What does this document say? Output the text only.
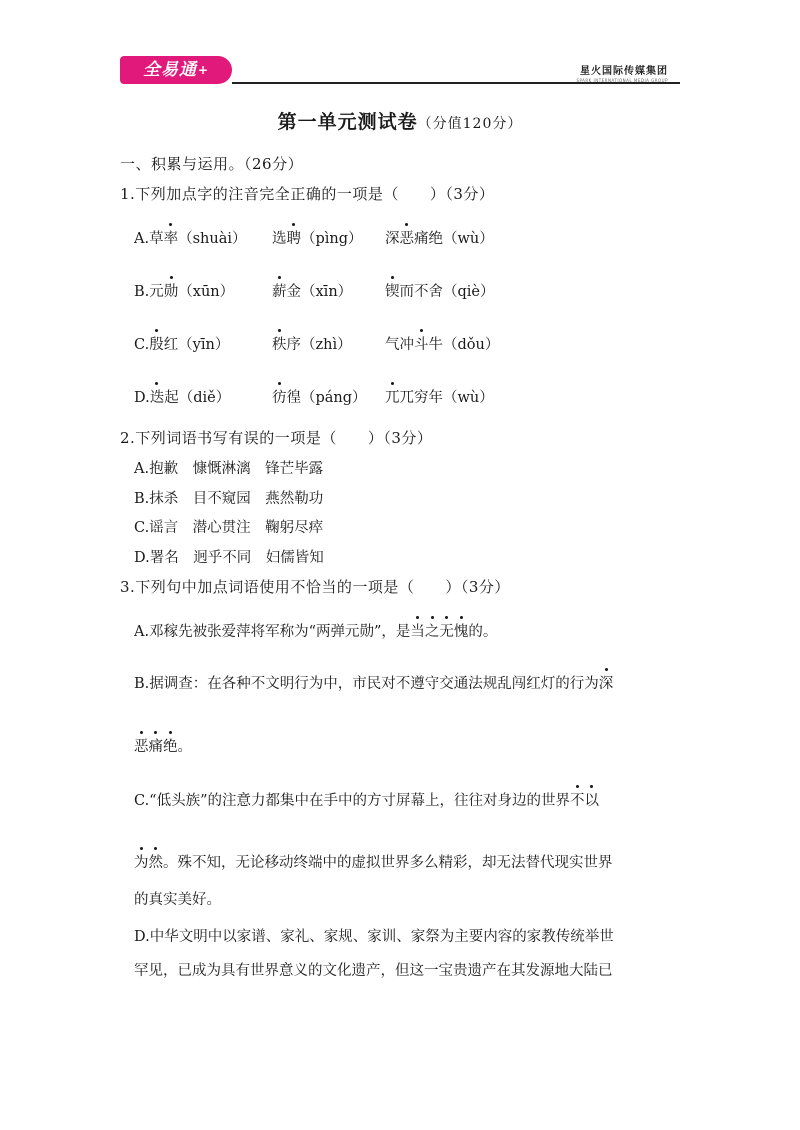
全易通+	星火国际传媒集团
SPARK INTERNATIONAL MEDIA GROUP
第一单元测试卷（分值120分）
一、积累与运用。（26分）
1.下列加点字的注音完全正确的一项是（　　）（3分）
A.草率（shuài） 选聘（pìng） 深恶痛绝（wù）
B.元勋（xūn）	薪金（xīn） 锲而不舍（qiè）
C.殷红（yīn）	秩序（zhì） 气冲斗牛（dǒu）
D.迭起（diě）	彷徨（páng） 兀兀穷年（wù）
2.下列词语书写有误的一项是（　　）（3分）
A.抱歉　慷慨淋漓　锋芒毕露
B.抹杀　目不窥园　燕然勒功
C.谣言　潜心贯注　鞠躬尽瘁
D.署名　迥乎不同　妇儒皆知
3.下列句中加点词语使用不恰当的一项是（　　）（3分）
A.邓稼先被张爱萍将军称为“两弹元勋”，是当之无愧的。
B.据调查：在各种不文明行为中，市民对不遵守交通法规乱闯红灯的行为深
恶痛绝。
C.“低头族”的注意力都集中在手中的方寸屏幕上，往往对身边的世界不以
为然。殊不知，无论移动终端中的虚拟世界多么精彩，却无法替代现实世界
的真实美好。
D.中华文明中以家谱、家礼、家规、家训、家祭为主要内容的家教传统举世
罕见，已成为具有世界意义的文化遗产，但这一宝贵遗产在其发源地大陆已
